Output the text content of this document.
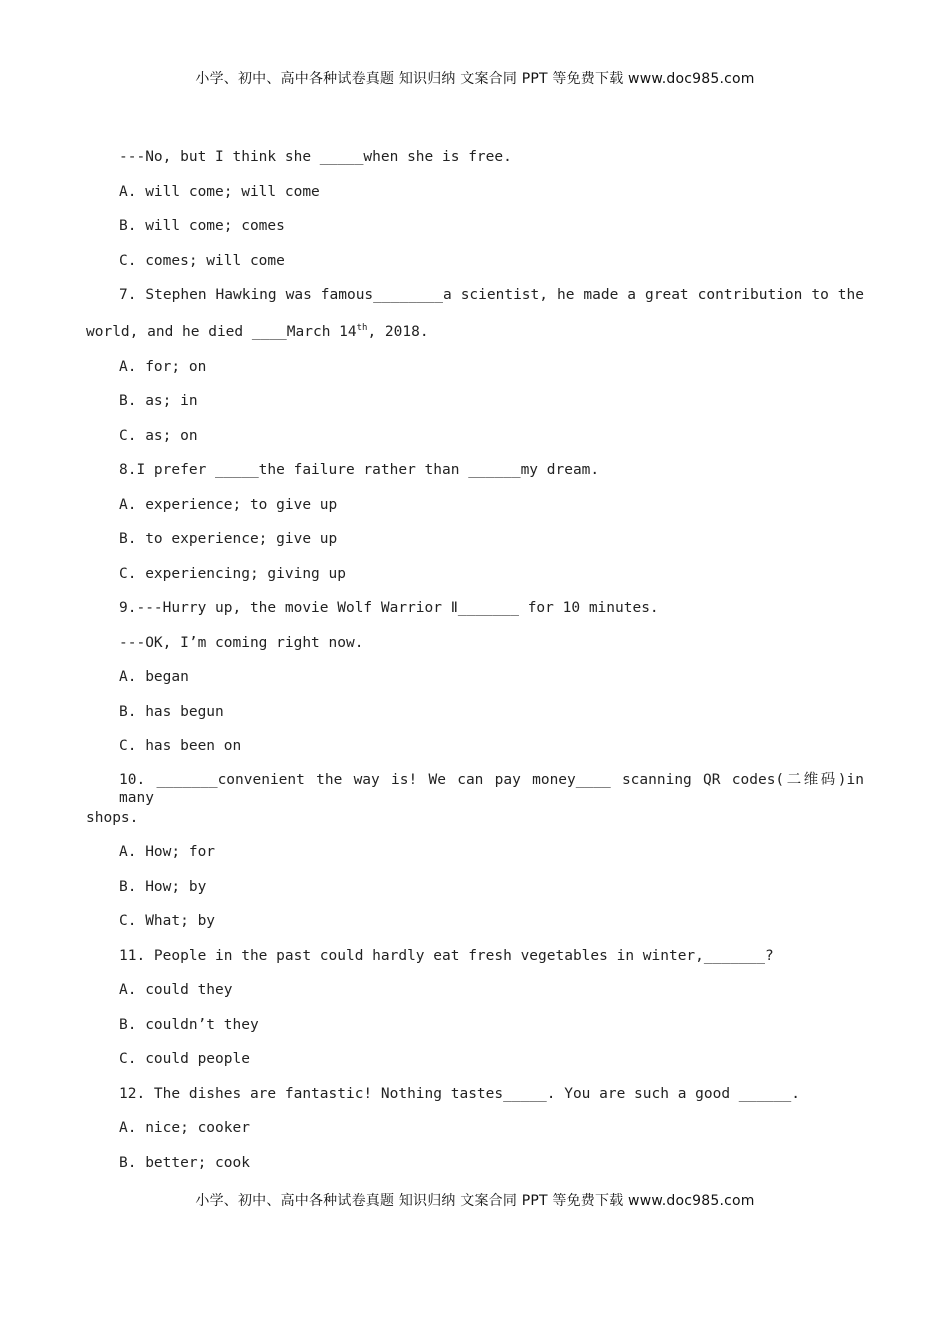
小学、初中、高中各种试卷真题 知识归纳 文案合同 PPT 等免费下载 www.doc985.com
---No, but I think she _____when she is free.
A. will come; will come
B. will come; comes
C. comes; will come
7. Stephen Hawking was famous________a scientist, he made a great contribution to the
world, and he died ____March 14th, 2018.
A. for; on
B. as; in
C. as; on
8.I prefer _____the failure rather than ______my dream.
A. experience; to give up
B. to experience; give up
C. experiencing; giving up
9.---Hurry up, the movie Wolf Warrior Ⅱ_______ for 10 minutes.
---OK, I’m coming right now.
A. began
B. has begun
C. has been on
10. _______convenient the way is! We can pay money____ scanning QR codes(二维码)in many
shops.
A. How; for
B. How; by
C. What; by
11. People in the past could hardly eat fresh vegetables in winter,_______?
A. could they
B. couldn’t they
C. could people
12. The dishes are fantastic! Nothing tastes_____. You are such a good ______.
A. nice; cooker
B. better; cook
小学、初中、高中各种试卷真题 知识归纳 文案合同 PPT 等免费下载 www.doc985.com
